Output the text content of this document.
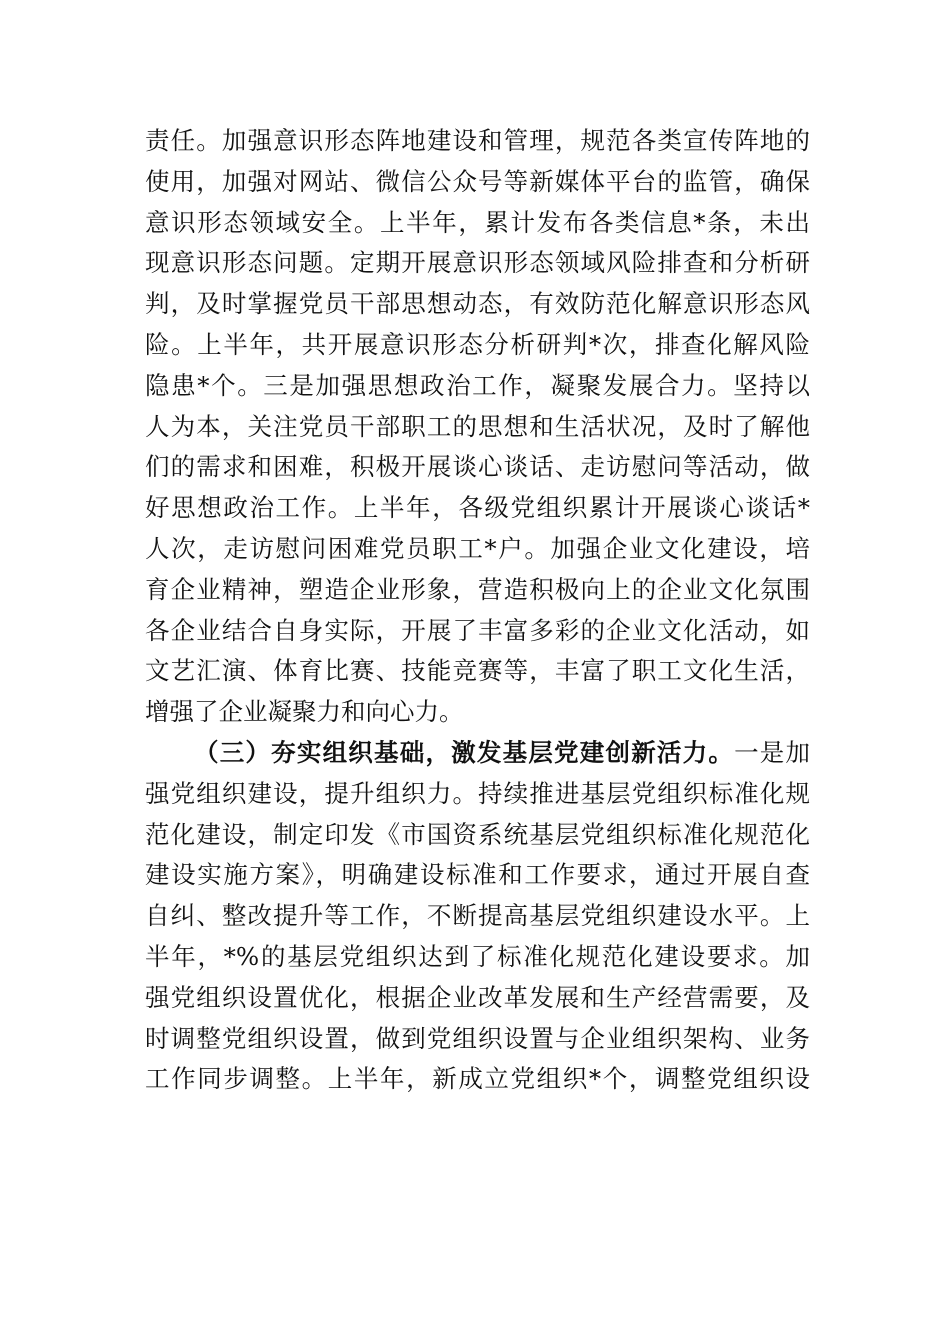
责任。加强意识形态阵地建设和管理，规范各类宣传阵地的
使用，加强对网站、微信公众号等新媒体平台的监管，确保
意识形态领域安全。上半年，累计发布各类信息*条，未出
现意识形态问题。定期开展意识形态领域风险排查和分析研
判，及时掌握党员干部思想动态，有效防范化解意识形态风
险。上半年，共开展意识形态分析研判*次，排查化解风险
隐患*个。三是加强思想政治工作，凝聚发展合力。坚持以
人为本，关注党员干部职工的思想和生活状况，及时了解他
们的需求和困难，积极开展谈心谈话、走访慰问等活动，做
好思想政治工作。上半年，各级党组织累计开展谈心谈话*
人次，走访慰问困难党员职工*户。加强企业文化建设，培
育企业精神，塑造企业形象，营造积极向上的企业文化氛围
各企业结合自身实际，开展了丰富多彩的企业文化活动，如
文艺汇演、体育比赛、技能竞赛等，丰富了职工文化生活，
增强了企业凝聚力和向心力。
（三）夯实组织基础，激发基层党建创新活力。一是加
强党组织建设，提升组织力。持续推进基层党组织标准化规
范化建设，制定印发《市国资系统基层党组织标准化规范化
建设实施方案》，明确建设标准和工作要求，通过开展自查
自纠、整改提升等工作，不断提高基层党组织建设水平。上
半年，*%的基层党组织达到了标准化规范化建设要求。加
强党组织设置优化，根据企业改革发展和生产经营需要，及
时调整党组织设置，做到党组织设置与企业组织架构、业务
工作同步调整。上半年，新成立党组织*个，调整党组织设
